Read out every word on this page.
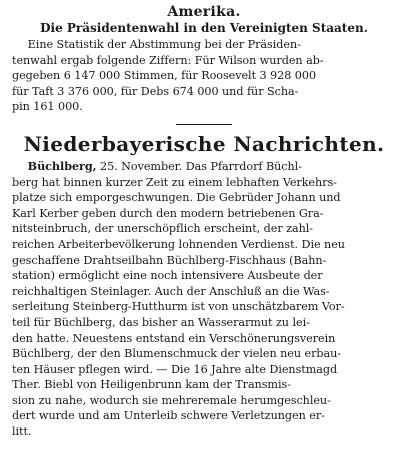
Amerika.
Die Präsidentenwahl in den Vereinigten Staaten.

Eine Statistik der Abstimmung bei der Präsiden-
tenwahl ergab folgende Ziffern: Für Wilson wurden ab-
gegeben 6 147 000 Stimmen, für Roosevelt 3 928 000
für Taft 3 376 000, für Debs 674 000 und für Scha-
pin 161 000.

Niederbayerische Nachrichten.

Büchlberg, 25. November. Das Pfarrdorf Büchl-
berg hat binnen kurzer Zeit zu einem lebhaften Verkehrs-
platze sich emporgeschwungen. Die Gebrüder Johann und
Karl Kerber geben durch den modern betriebenen Gra-
nitsteinbruch, der unerschöpflich erscheint, der zahl-
reichen Arbeiterbevölkerung lohnenden Verdienst. Die neu
geschaffene Drahtseilbahn Büchlberg-Fischhaus (Bahn-
station) ermöglicht eine noch intensivere Ausbeute der
reichhaltigen Steinlager. Auch der Anschluß an die Was-
serleitung Steinberg-Hutthurm ist von unschätzbarem Vor-
teil für Büchlberg, das bisher an Wasserarmut zu lei-
den hatte. Neuestens entstand ein Verschönerungsverein
Büchlberg, der den Blumenschmuck der vielen neu erbau-
ten Häuser pflegen wird. — Die 16 Jahre alte Dienstmagd
Ther. Biebl von Heiligenbrunn kam der Transmis-
sion zu nahe, wodurch sie mehreremale herumgeschleu-
dert wurde und am Unterleib schwere Verletzungen er-
litt.
